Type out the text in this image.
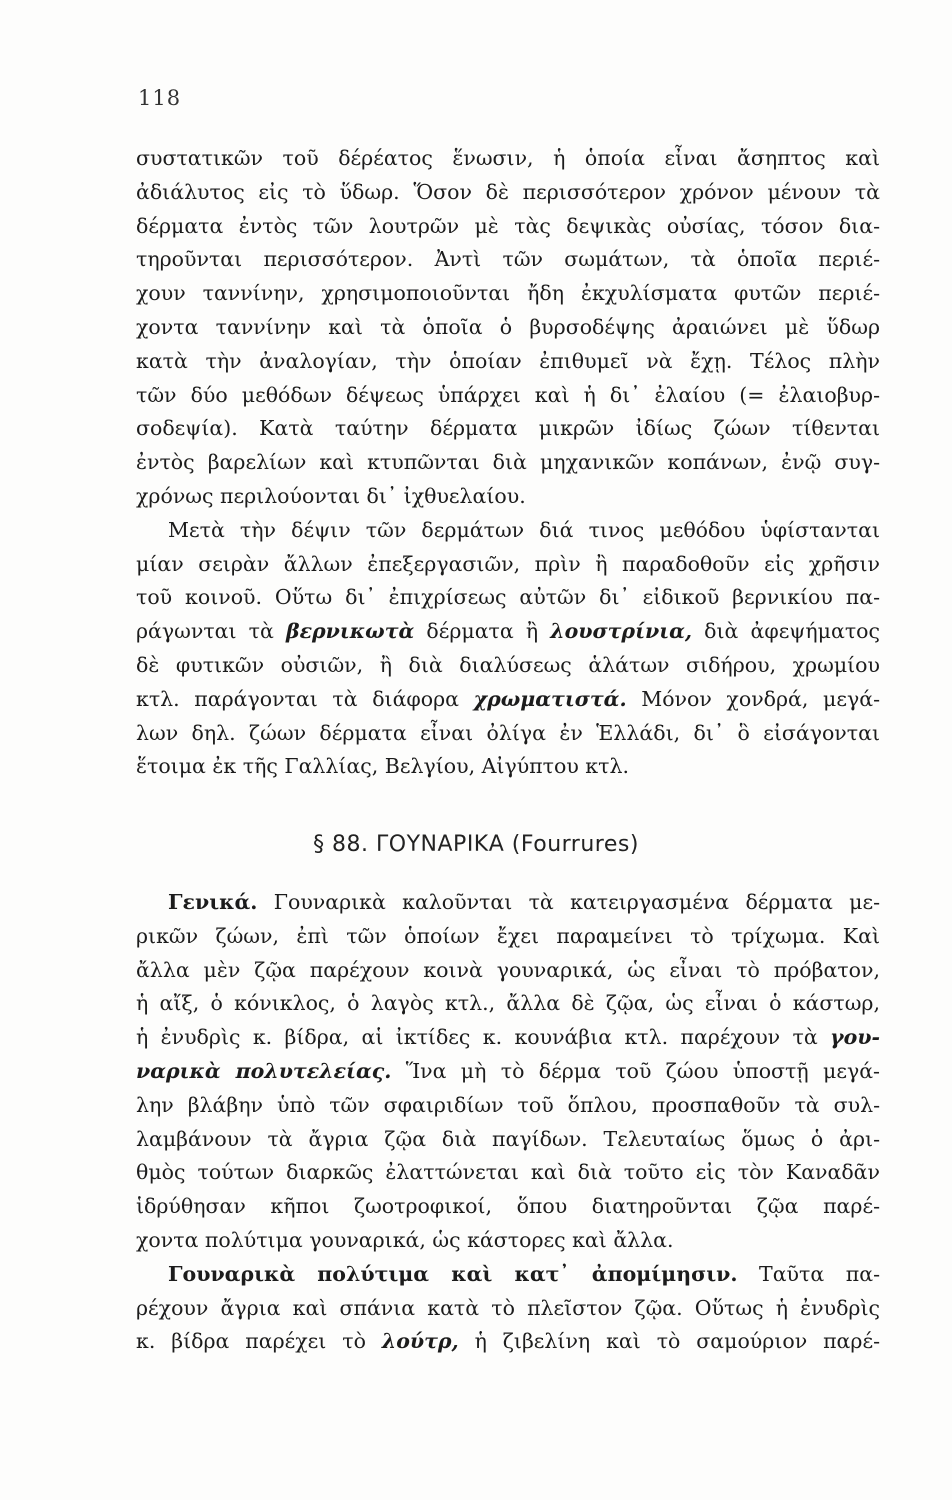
118
συστατικῶν τοῦ δέρέατος ἕνωσιν, ἡ ὁποία εἶναι ἄσηπτος καὶ
ἀδιάλυτος εἰς τὸ ὕδωρ. Ὅσον δὲ περισσότερον χρόνον μένουν τὰ
δέρματα ἐντὸς τῶν λουτρῶν μὲ τὰς δεψικὰς οὐσίας, τόσον δια-
τηροῦνται περισσότερον. Ἀντὶ τῶν σωμάτων, τὰ ὁποῖα περιέ-
χουν ταννίνην, χρησιμοποιοῦνται ἤδη ἐκχυλίσματα φυτῶν περιέ-
χοντα ταννίνην καὶ τὰ ὁποῖα ὁ βυρσοδέψης ἀραιώνει μὲ ὕδωρ
κατὰ τὴν ἀναλογίαν, τὴν ὁποίαν ἐπιθυμεῖ νὰ ἔχῃ. Τέλος πλὴν
τῶν δύο μεθόδων δέψεως ὑπάρχει καὶ ἡ δι᾿ ἐλαίου (= ἐλαιοβυρ-
σοδεψία). Κατὰ ταύτην δέρματα μικρῶν ἰδίως ζώων τίθενται
ἐντὸς βαρελίων καὶ κτυπῶνται διὰ μηχανικῶν κοπάνων, ἐνῷ συγ-
χρόνως περιλούονται δι᾿ ἰχθυελαίου.
Μετὰ τὴν δέψιν τῶν δερμάτων διά τινος μεθόδου ὑφίστανται
μίαν σειρὰν ἄλλων ἐπεξεργασιῶν, πρὶν ἢ παραδοθοῦν εἰς χρῆσιν
τοῦ κοινοῦ. Οὕτω δι᾿ ἐπιχρίσεως αὐτῶν δι᾿ εἰδικοῦ βερνικίου πα-
ράγωνται τὰ βερνικωτὰ δέρματα ἢ λουστρίνια, διὰ ἀφεψήματος
δὲ φυτικῶν οὐσιῶν, ἢ διὰ διαλύσεως ἁλάτων σιδήρου, χρωμίου
κτλ. παράγονται τὰ διάφορα χρωματιστά. Μόνον χονδρά, μεγά-
λων δηλ. ζώων δέρματα εἶναι ὀλίγα ἐν Ἑλλάδι, δι᾿ ὃ εἰσάγονται
ἕτοιμα ἐκ τῆς Γαλλίας, Βελγίου, Αἰγύπτου κτλ.
§ 88. ΓΟΥΝΑΡΙΚΑ (Fourrures)
Γενικά. Γουναρικὰ καλοῦνται τὰ κατειργασμένα δέρματα με-
ρικῶν ζώων, ἐπὶ τῶν ὁποίων ἔχει παραμείνει τὸ τρίχωμα. Καὶ
ἄλλα μὲν ζῷα παρέχουν κοινὰ γουναρικά, ὡς εἶναι τὸ πρόβατον,
ἡ αἴξ, ὁ κόνικλος, ὁ λαγὸς κτλ., ἄλλα δὲ ζῷα, ὡς εἶναι ὁ κάστωρ,
ἡ ἐνυδρὶς κ. βίδρα, αἱ ἰκτίδες κ. κουνάβια κτλ. παρέχουν τὰ γου-
ναρικὰ πολυτελείας. Ἵνα μὴ τὸ δέρμα τοῦ ζώου ὑποστῇ μεγά-
λην βλάβην ὑπὸ τῶν σφαιριδίων τοῦ ὅπλου, προσπαθοῦν τὰ συλ-
λαμβάνουν τὰ ἄγρια ζῷα διὰ παγίδων. Τελευταίως ὅμως ὁ ἀρι-
θμὸς τούτων διαρκῶς ἐλαττώνεται καὶ διὰ τοῦτο εἰς τὸν Καναδᾶν
ἱδρύθησαν κῆποι ζωοτροφικοί, ὅπου διατηροῦνται ζῷα παρέ-
χοντα πολύτιμα γουναρικά, ὡς κάστορες καὶ ἄλλα.
Γουναρικὰ πολύτιμα καὶ κατ᾿ ἀπομίμησιν. Ταῦτα πα-
ρέχουν ἄγρια καὶ σπάνια κατὰ τὸ πλεῖστον ζῷα. Οὕτως ἡ ἐνυδρὶς
κ. βίδρα παρέχει τὸ λούτρ, ἡ ζιβελίνη καὶ τὸ σαμούριον παρέ-
